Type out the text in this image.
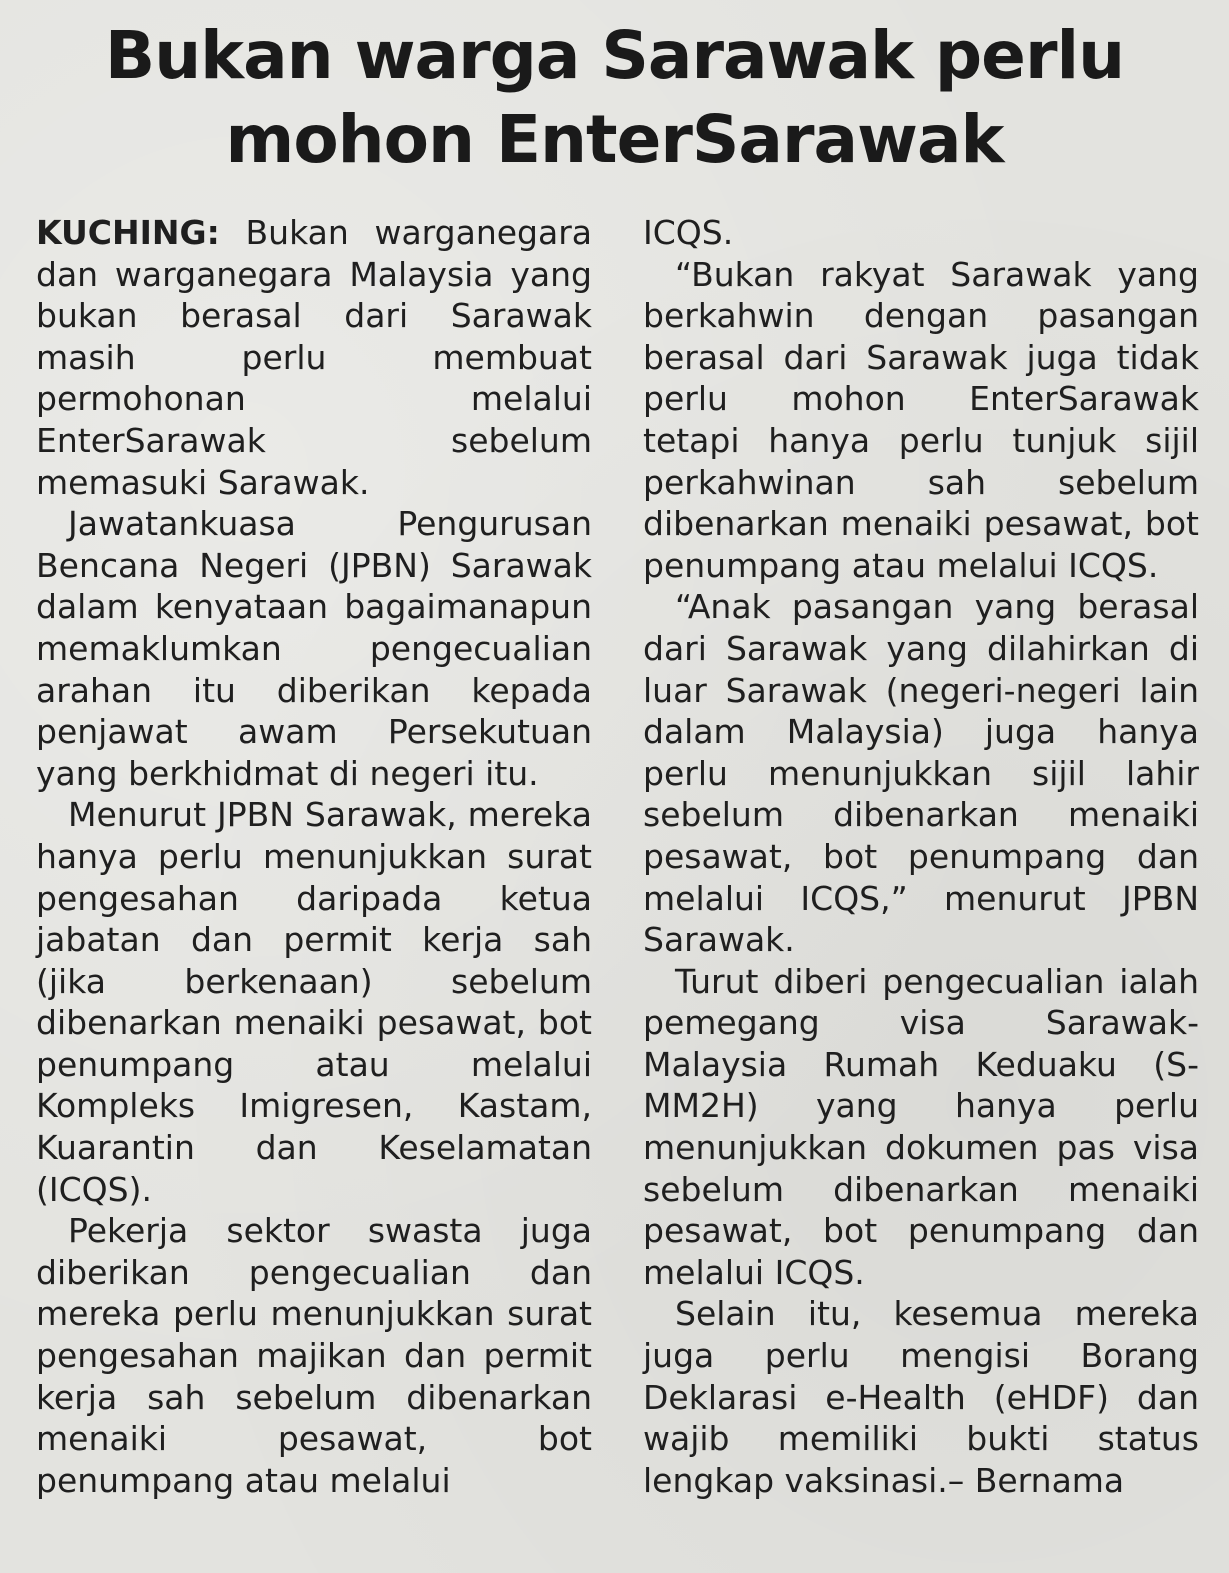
Bukan warga Sarawak perlu
mohon EnterSarawak

KUCHING: Bukan warganegara dan warganegara Malaysia yang bukan berasal dari Sarawak masih perlu membuat permohonan melalui EnterSarawak sebelum memasuki Sarawak.

Jawatankuasa Pengurusan Bencana Negeri (JPBN) Sarawak dalam kenyataan bagaimanapun memaklumkan pengecualian arahan itu diberikan kepada penjawat awam Persekutuan yang berkhidmat di negeri itu.

Menurut JPBN Sarawak, mereka hanya perlu menunjukkan surat pengesahan daripada ketua jabatan dan permit kerja sah (jika berkenaan) sebelum dibenarkan menaiki pesawat, bot penumpang atau melalui Kompleks Imigresen, Kastam, Kuarantin dan Keselamatan (ICQS).

Pekerja sektor swasta juga diberikan pengecualian dan mereka perlu menunjukkan surat pengesahan majikan dan permit kerja sah sebelum dibenarkan menaiki pesawat, bot penumpang atau melalui

ICQS.

“Bukan rakyat Sarawak yang berkahwin dengan pasangan berasal dari Sarawak juga tidak perlu mohon EnterSarawak tetapi hanya perlu tunjuk sijil perkahwinan sah sebelum dibenarkan menaiki pesawat, bot penumpang atau melalui ICQS.

“Anak pasangan yang berasal dari Sarawak yang dilahirkan di luar Sarawak (negeri-negeri lain dalam Malaysia) juga hanya perlu menunjukkan sijil lahir sebelum dibenarkan menaiki pesawat, bot penumpang dan melalui ICQS,” menurut JPBN Sarawak.

Turut diberi pengecualian ialah pemegang visa Sarawak-Malaysia Rumah Keduaku (S-MM2H) yang hanya perlu menunjukkan dokumen pas visa sebelum dibenarkan menaiki pesawat, bot penumpang dan melalui ICQS.

Selain itu, kesemua mereka juga perlu mengisi Borang Deklarasi e-Health (eHDF) dan wajib memiliki bukti status lengkap vaksinasi.– Bernama
